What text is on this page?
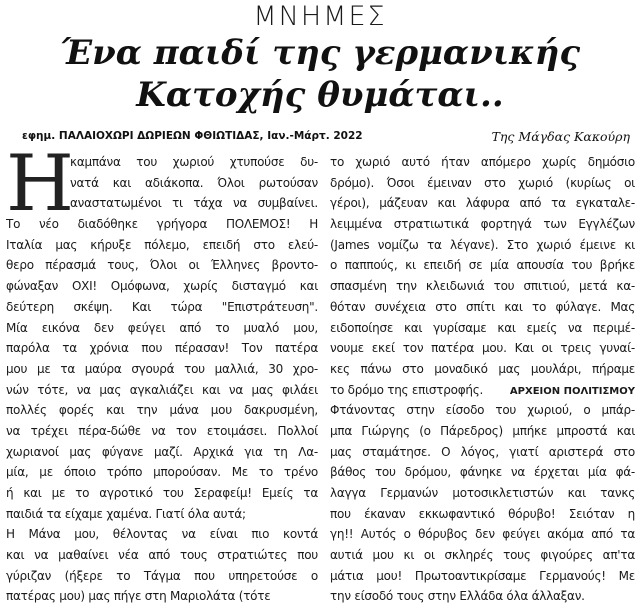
ΜΝΗΜΕΣ
Ένα παιδί της γερμανικής
Κατοχής θυμάται..
εφημ. ΠΑΛΑΙΟΧΩΡΙ ΔΩΡΙΕΩΝ ΦΘΙΩΤΙΔΑΣ, Ιαν.-Μάρτ. 2022	Της Μάγδας Κακούρη
Η
καμπάνα του χωριού χτυπούσε δυ-
νατά και αδιάκοπα. Όλοι ρωτούσαν
αναστατωμένοι τι τάχα να συμβαίνει.
Το νέο διαδόθηκε γρήγορα ΠΟΛΕΜΟΣ! Η
Ιταλία μας κήρυξε πόλεμο, επειδή στο ελεύ-
θερο πέρασμά τους, Όλοι οι Έλληνες βροντο-
φώναξαν ΟΧΙ! Ομόφωνα, χωρίς δισταγμό και
δεύτερη σκέψη. Και τώρα "Επιστράτευση".
Μία εικόνα δεν φεύγει από το μυαλό μου,
παρόλα τα χρόνια που πέρασαν! Τον πατέρα
μου με τα μαύρα σγουρά του μαλλιά, 30 χρο-
νών τότε, να μας αγκαλιάζει και να μας φιλάει
πολλές φορές και την μάνα μου δακρυσμένη,
να τρέχει πέρα-δώθε να τον ετοιμάσει. Πολλοί
χωριανοί μας φύγανε μαζί. Αρχικά για τη Λα-
μία, με όποιο τρόπο μπορούσαν. Με το τρένο
ή και με το αγροτικό του Σεραφείμ! Εμείς τα
παιδιά τα είχαμε χαμένα. Γιατί όλα αυτά;
Η Μάνα μου, θέλοντας να είναι πιο κοντά
και να μαθαίνει νέα από τους στρατιώτες που
γύριζαν (ήξερε το Τάγμα που υπηρετούσε ο
πατέρας μου) μας πήγε στη Μαριολάτα (τότε
το χωριό αυτό ήταν απόμερο χωρίς δημόσιο
δρόμο). Όσοι έμειναν στο χωριό (κυρίως οι
γέροι), μάζευαν και λάφυρα από τα εγκαταλε-
λειμμένα στρατιωτικά φορτηγά των Εγγλέζων
(James νομίζω τα λέγανε). Στο χωριό έμεινε κι
ο παππούς, κι επειδή σε μία απουσία του βρήκε
σπασμένη την κλειδωνιά του σπιτιού, μετά κα-
θόταν συνέχεια στο σπίτι και το φύλαγε. Μας
ειδοποίησε και γυρίσαμε και εμείς να περιμέ-
νουμε εκεί τον πατέρα μου. Και οι τρεις γυναί-
κες πάνω στο μοναδικό μας μουλάρι, πήραμε
το δρόμο της επιστροφής.	ΑΡΧΕΙΟΝ ΠΟΛΙΤΙΣΜΟΥ
Φτάνοντας στην είσοδο του χωριού, ο μπάρ-
μπα Γιώργης (ο Πάρεδρος) μπήκε μπροστά και
μας σταμάτησε. Ο λόγος, γιατί αριστερά στο
βάθος του δρόμου, φάνηκε να έρχεται μία φά-
λαγγα Γερμανών μοτοσικλετιστών και τανκς
που έκαναν εκκωφαντικό θόρυβο! Σειόταν η
γη!! Αυτός ο θόρυβος δεν φεύγει ακόμα από τα
αυτιά μου κι οι σκληρές τους φιγούρες απ'τα
μάτια μου! Πρωτοαντικρίσαμε Γερμανούς! Με
την είσοδό τους στην Ελλάδα όλα άλλαξαν.
